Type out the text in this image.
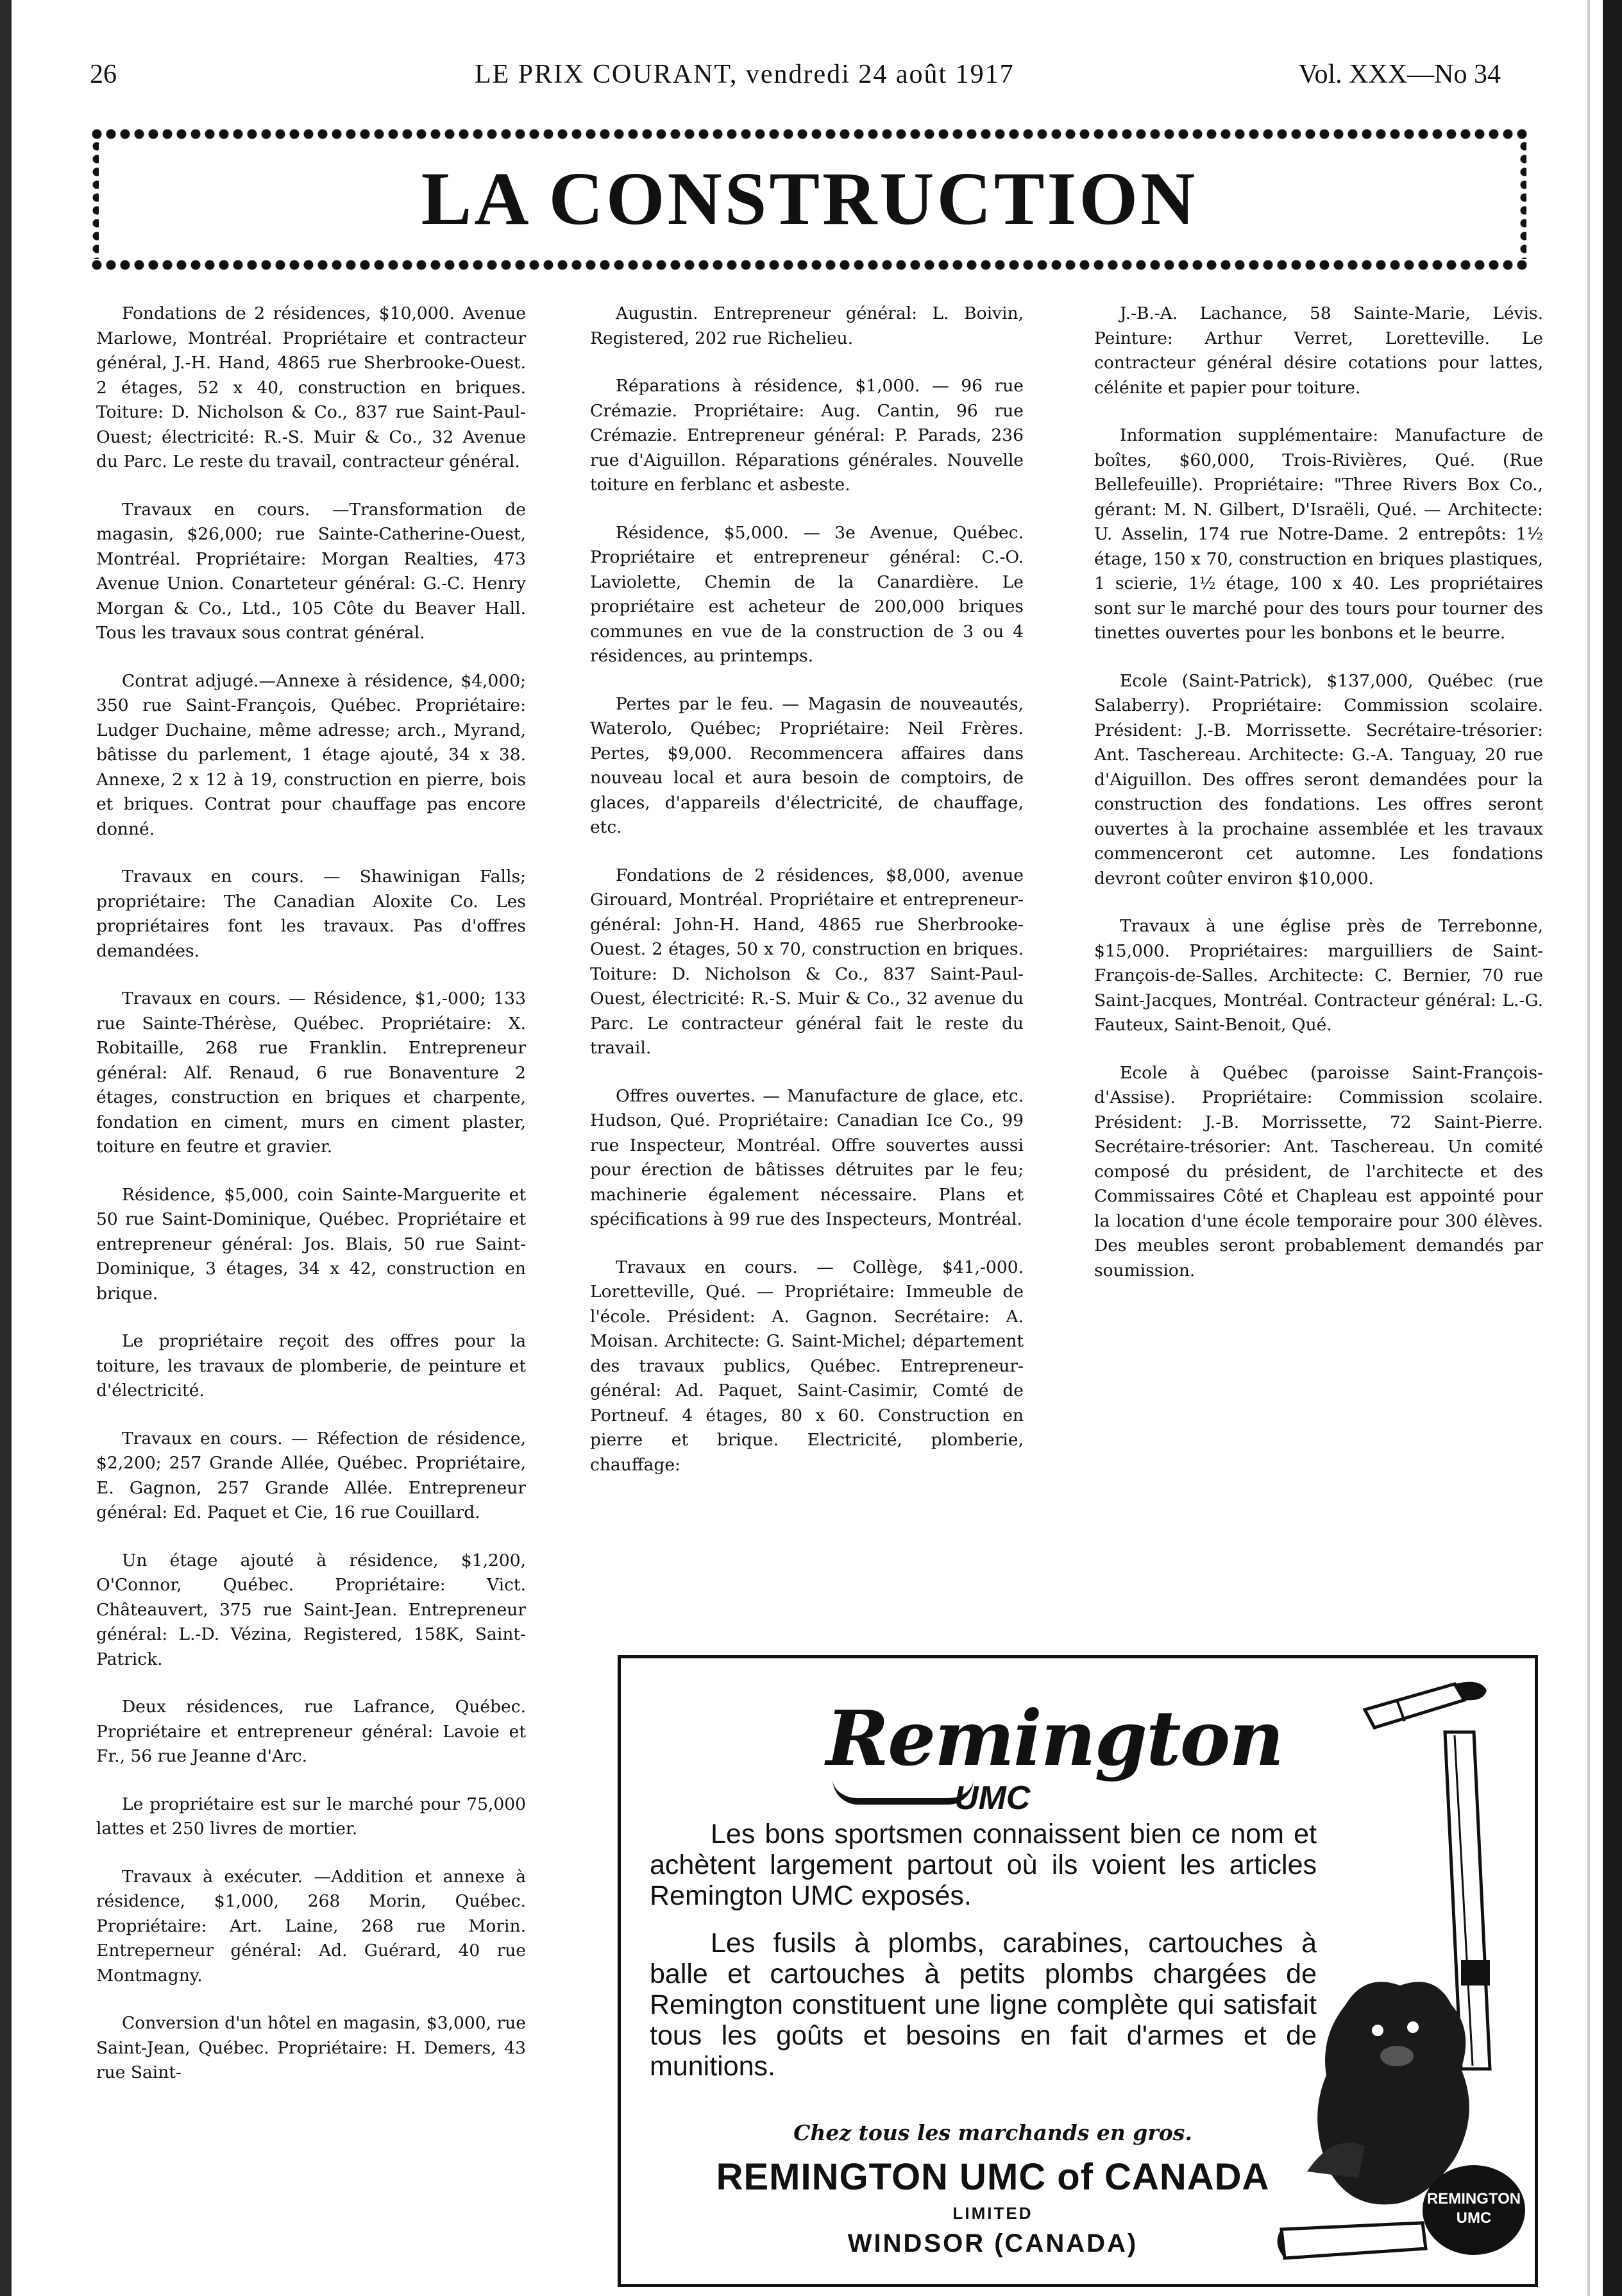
26	LE PRIX COURANT, vendredi 24 août 1917	Vol. XXX—No 34
LA CONSTRUCTION

Fondations de 2 résidences, $10,000. Avenue Marlowe, Montréal. Propriétaire et contracteur général, J.-H. Hand, 4865 rue Sherbrooke-Ouest. 2 étages, 52 x 40, construction en briques. Toiture: D. Nicholson & Co., 837 rue Saint-Paul-Ouest; électricité: R.-S. Muir & Co., 32 Avenue du Parc. Le reste du travail, contracteur général.

Travaux en cours. —Transformation de magasin, $26,000; rue Sainte-Catherine-Ouest, Montréal. Propriétaire: Morgan Realties, 473 Avenue Union. Conarteteur général: G.-C. Henry Morgan & Co., Ltd., 105 Côte du Beaver Hall. Tous les travaux sous contrat général.

Contrat adjugé.—Annexe à résidence, $4,000; 350 rue Saint-François, Québec. Propriétaire: Ludger Duchaine, même adresse; arch., Myrand, bâtisse du parlement, 1 étage ajouté, 34 x 38. Annexe, 2 x 12 à 19, construction en pierre, bois et briques. Contrat pour chauffage pas encore donné.

Travaux en cours. — Shawinigan Falls; propriétaire: The Canadian Aloxite Co. Les propriétaires font les travaux. Pas d'offres demandées.

Travaux en cours. — Résidence, $1,-000; 133 rue Sainte-Thérèse, Québec. Propriétaire: X. Robitaille, 268 rue Franklin. Entrepreneur général: Alf. Renaud, 6 rue Bonaventure 2 étages, construction en briques et charpente, fondation en ciment, murs en ciment plaster, toiture en feutre et gravier.

Résidence, $5,000, coin Sainte-Marguerite et 50 rue Saint-Dominique, Québec. Propriétaire et entrepreneur général: Jos. Blais, 50 rue Saint-Dominique, 3 étages, 34 x 42, construction en brique.

Le propriétaire reçoit des offres pour la toiture, les travaux de plomberie, de peinture et d'électricité.

Travaux en cours. — Réfection de résidence, $2,200; 257 Grande Allée, Québec. Propriétaire, E. Gagnon, 257 Grande Allée. Entrepreneur général: Ed. Paquet et Cie, 16 rue Couillard.

Un étage ajouté à résidence, $1,200, O'Connor, Québec. Propriétaire: Vict. Châteauvert, 375 rue Saint-Jean. Entrepreneur général: L.-D. Vézina, Registered, 158K, Saint-Patrick.

Deux résidences, rue Lafrance, Québec. Propriétaire et entrepreneur général: Lavoie et Fr., 56 rue Jeanne d'Arc.

Le propriétaire est sur le marché pour 75,000 lattes et 250 livres de mortier.

Travaux à exécuter. —Addition et annexe à résidence, $1,000, 268 Morin, Québec. Propriétaire: Art. Laine, 268 rue Morin. Entreperneur général: Ad. Guérard, 40 rue Montmagny.

Conversion d'un hôtel en magasin, $3,000, rue Saint-Jean, Québec. Propriétaire: H. Demers, 43 rue Saint-

Augustin. Entrepreneur général: L. Boivin, Registered, 202 rue Richelieu.

Réparations à résidence, $1,000. — 96 rue Crémazie. Propriétaire: Aug. Cantin, 96 rue Crémazie. Entrepreneur général: P. Parads, 236 rue d'Aiguillon. Réparations générales. Nouvelle toiture en ferblanc et asbeste.

Résidence, $5,000. — 3e Avenue, Québec. Propriétaire et entrepreneur général: C.-O. Laviolette, Chemin de la Canardière. Le propriétaire est acheteur de 200,000 briques communes en vue de la construction de 3 ou 4 résidences, au printemps.

Pertes par le feu. — Magasin de nouveautés, Waterolo, Québec; Propriétaire: Neil Frères. Pertes, $9,000. Recommencera affaires dans nouveau local et aura besoin de comptoirs, de glaces, d'appareils d'électricité, de chauffage, etc.

Fondations de 2 résidences, $8,000, avenue Girouard, Montréal. Propriétaire et entrepreneur-général: John-H. Hand, 4865 rue Sherbrooke-Ouest. 2 étages, 50 x 70, construction en briques. Toiture: D. Nicholson & Co., 837 Saint-Paul-Ouest, électricité: R.-S. Muir & Co., 32 avenue du Parc. Le contracteur général fait le reste du travail.

Offres ouvertes. — Manufacture de glace, etc. Hudson, Qué. Propriétaire: Canadian Ice Co., 99 rue Inspecteur, Montréal. Offre souvertes aussi pour érection de bâtisses détruites par le feu; machinerie également nécessaire. Plans et spécifications à 99 rue des Inspecteurs, Montréal.

Travaux en cours. — Collège, $41,-000. Loretteville, Qué. — Propriétaire: Immeuble de l'école. Président: A. Gagnon. Secrétaire: A. Moisan. Architecte: G. Saint-Michel; département des travaux publics, Québec. Entrepreneur-général: Ad. Paquet, Saint-Casimir, Comté de Portneuf. 4 étages, 80 x 60. Construction en pierre et brique. Electricité, plomberie, chauffage:

J.-B.-A. Lachance, 58 Sainte-Marie, Lévis. Peinture: Arthur Verret, Loretteville. Le contracteur général désire cotations pour lattes, célénite et papier pour toiture.

Information supplémentaire: Manufacture de boîtes, $60,000, Trois-Rivières, Qué. (Rue Bellefeuille). Propriétaire: "Three Rivers Box Co., gérant: M. N. Gilbert, D'Israëli, Qué. — Architecte: U. Asselin, 174 rue Notre-Dame. 2 entrepôts: 1½ étage, 150 x 70, construction en briques plastiques, 1 scierie, 1½ étage, 100 x 40. Les propriétaires sont sur le marché pour des tours pour tourner des tinettes ouvertes pour les bonbons et le beurre.

Ecole (Saint-Patrick), $137,000, Québec (rue Salaberry). Propriétaire: Commission scolaire. Président: J.-B. Morrissette. Secrétaire-trésorier: Ant. Taschereau. Architecte: G.-A. Tanguay, 20 rue d'Aiguillon. Des offres seront demandées pour la construction des fondations. Les offres seront ouvertes à la prochaine assemblée et les travaux commenceront cet automne. Les fondations devront coûter environ $10,000.

Travaux à une église près de Terrebonne, $15,000. Propriétaires: marguilliers de Saint-François-de-Salles. Architecte: C. Bernier, 70 rue Saint-Jacques, Montréal. Contracteur général: L.-G. Fauteux, Saint-Benoit, Qué.

Ecole à Québec (paroisse Saint-François-d'Assise). Propriétaire: Commission scolaire. Président: J.-B. Morrissette, 72 Saint-Pierre. Secrétaire-trésorier: Ant. Taschereau. Un comité composé du président, de l'architecte et des Commissaires Côté et Chapleau est appointé pour la location d'une école temporaire pour 300 élèves. Des meubles seront probablement demandés par soumission.

Remington
UMC
Les bons sportsmen connaissent bien ce nom et achètent largement partout où ils voient les articles Remington UMC exposés.
Les fusils à plombs, carabines, cartouches à balle et cartouches à petits plombs chargées de Remington constituent une ligne complète qui satisfait tous les goûts et besoins en fait d'armes et de munitions.
Chez tous les marchands en gros.
REMINGTON UMC of CANADA
LIMITED
WINDSOR (CANADA)
REMINGTON
UMC
